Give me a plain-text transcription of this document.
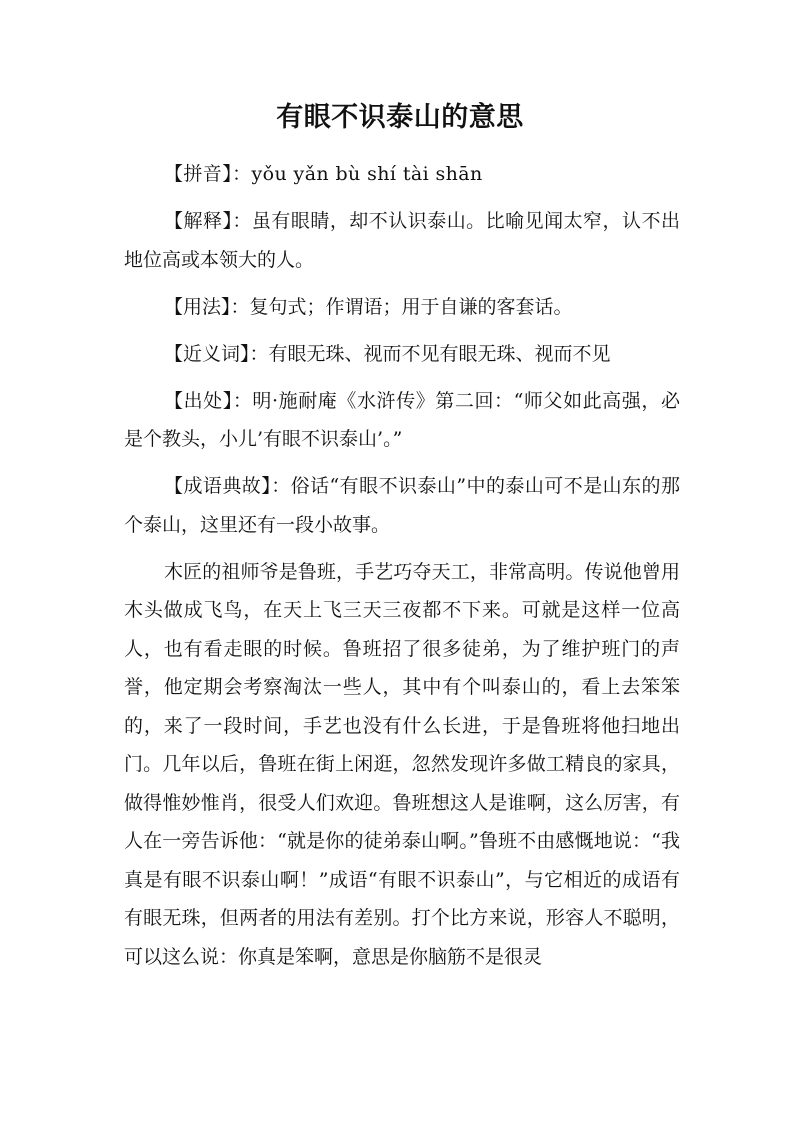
有眼不识泰山的意思

【拼音】：yǒu yǎn bù shí tài shān

【解释】：虽有眼睛，却不认识泰山。比喻见闻太窄，认不出地位高或本领大的人。

【用法】：复句式；作谓语；用于自谦的客套话。

【近义词】：有眼无珠、视而不见有眼无珠、视而不见

【出处】：明·施耐庵《水浒传》第二回：“师父如此高强，必是个教头，小儿’有眼不识泰山’。”

【成语典故】：俗话“有眼不识泰山”中的泰山可不是山东的那个泰山，这里还有一段小故事。

木匠的祖师爷是鲁班，手艺巧夺天工，非常高明。传说他曾用木头做成飞鸟，在天上飞三天三夜都不下来。可就是这样一位高人，也有看走眼的时候。鲁班招了很多徒弟，为了维护班门的声誉，他定期会考察淘汰一些人，其中有个叫泰山的，看上去笨笨的，来了一段时间，手艺也没有什么长进，于是鲁班将他扫地出门。几年以后，鲁班在街上闲逛，忽然发现许多做工精良的家具，做得惟妙惟肖，很受人们欢迎。鲁班想这人是谁啊，这么厉害，有人在一旁告诉他：“就是你的徒弟泰山啊。”鲁班不由感慨地说：“我真是有眼不识泰山啊！”成语“有眼不识泰山”，与它相近的成语有有眼无珠，但两者的用法有差别。打个比方来说，形容人不聪明，可以这么说：你真是笨啊，意思是你脑筋不是很灵
